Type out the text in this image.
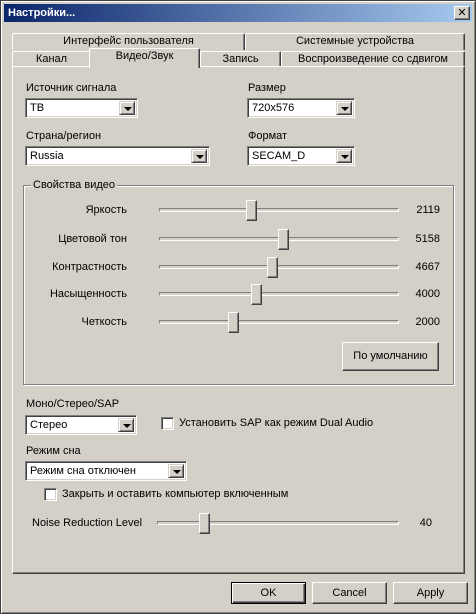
Настройки...	✕
Интерфейс пользователя	Системные устройства
Канал	Видео/Звук	Запись	Воспроизведение со сдвигом
Источник сигнала
ТВ
Размер
720x576
Страна/регион
Russia
Формат
SECAM_D
Свойства видео
Яркость	2119
Цветовой тон	5158
Контрастность	4667
Насыщенность	4000
Четкость	2000
По умолчанию
Моно/Стерео/SAP
Стерео	Установить SAP как режим Dual Audio
Режим сна
Режим сна отключен
Закрыть и оставить компьютер включенным
Noise Reduction Level	40
OK	Cancel	Apply
